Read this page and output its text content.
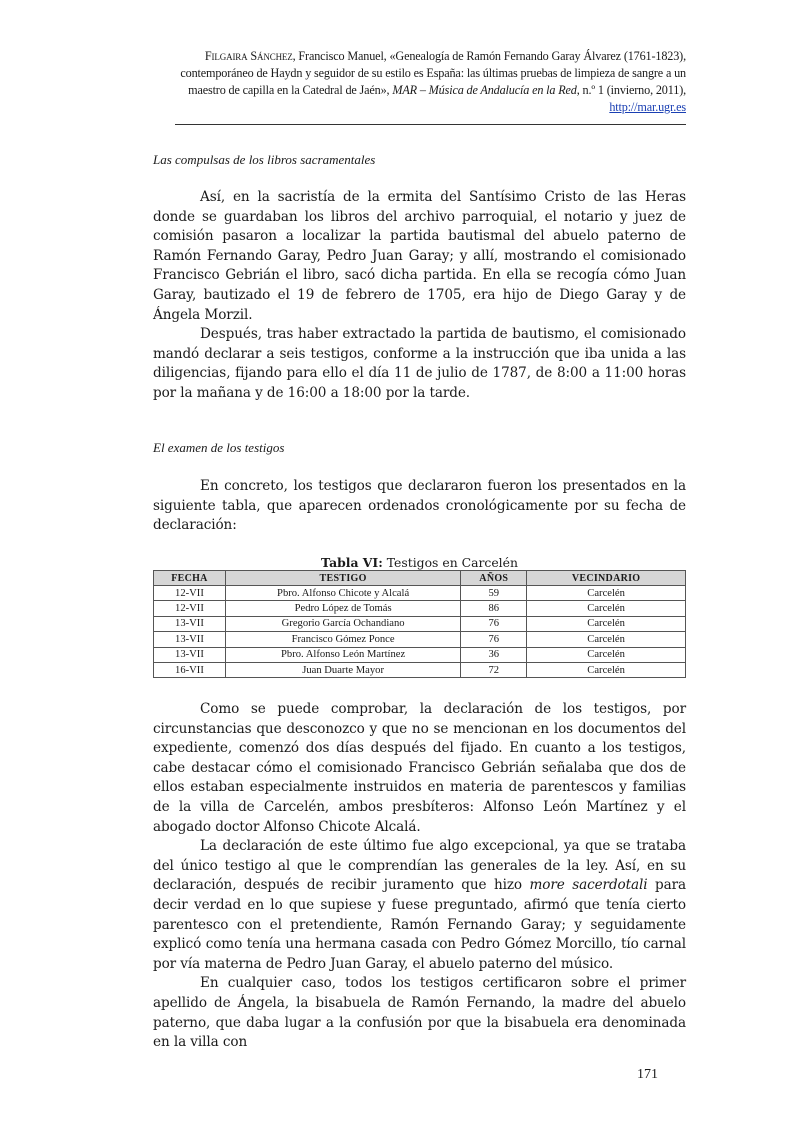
Filgaira Sánchez, Francisco Manuel, «Genealogía de Ramón Fernando Garay Álvarez (1761-1823), contemporáneo de Haydn y seguidor de su estilo es España: las últimas pruebas de limpieza de sangre a un maestro de capilla en la Catedral de Jaén», MAR – Música de Andalucía en la Red, n.º 1 (invierno, 2011), http://mar.ugr.es
Las compulsas de los libros sacramentales

Así, en la sacristía de la ermita del Santísimo Cristo de las Heras donde se guardaban los libros del archivo parroquial, el notario y juez de comisión pasaron a localizar la partida bautismal del abuelo paterno de Ramón Fernando Garay, Pedro Juan Garay; y allí, mostrando el comisionado Francisco Gebrián el libro, sacó dicha partida. En ella se recogía cómo Juan Garay, bautizado el 19 de febrero de 1705, era hijo de Diego Garay y de Ángela Morzil.

Después, tras haber extractado la partida de bautismo, el comisionado mandó declarar a seis testigos, conforme a la instrucción que iba unida a las diligencias, fijando para ello el día 11 de julio de 1787, de 8:00 a 11:00 horas por la mañana y de 16:00 a 18:00 por la tarde.

El examen de los testigos

En concreto, los testigos que declararon fueron los presentados en la siguiente tabla, que aparecen ordenados cronológicamente por su fecha de declaración:

Tabla VI: Testigos en Carcelén
FECHA	TESTIGO	AÑOS	VECINDARIO
12-VII	Pbro. Alfonso Chicote y Alcalá	59	Carcelén
12-VII	Pedro López de Tomás	86	Carcelén
13-VII	Gregorio García Ochandiano	76	Carcelén
13-VII	Francisco Gómez Ponce	76	Carcelén
13-VII	Pbro. Alfonso León Martínez	36	Carcelén
16-VII	Juan Duarte Mayor	72	Carcelén

Como se puede comprobar, la declaración de los testigos, por circunstancias que desconozco y que no se mencionan en los documentos del expediente, comenzó dos días después del fijado. En cuanto a los testigos, cabe destacar cómo el comisionado Francisco Gebrián señalaba que dos de ellos estaban especialmente instruidos en materia de parentescos y familias de la villa de Carcelén, ambos presbíteros: Alfonso León Martínez y el abogado doctor Alfonso Chicote Alcalá.

La declaración de este último fue algo excepcional, ya que se trataba del único testigo al que le comprendían las generales de la ley. Así, en su declaración, después de recibir juramento que hizo more sacerdotali para decir verdad en lo que supiese y fuese preguntado, afirmó que tenía cierto parentesco con el pretendiente, Ramón Fernando Garay; y seguidamente explicó como tenía una hermana casada con Pedro Gómez Morcillo, tío carnal por vía materna de Pedro Juan Garay, el abuelo paterno del músico.

En cualquier caso, todos los testigos certificaron sobre el primer apellido de Ángela, la bisabuela de Ramón Fernando, la madre del abuelo paterno, que daba lugar a la confusión por que la bisabuela era denominada en la villa con

171
